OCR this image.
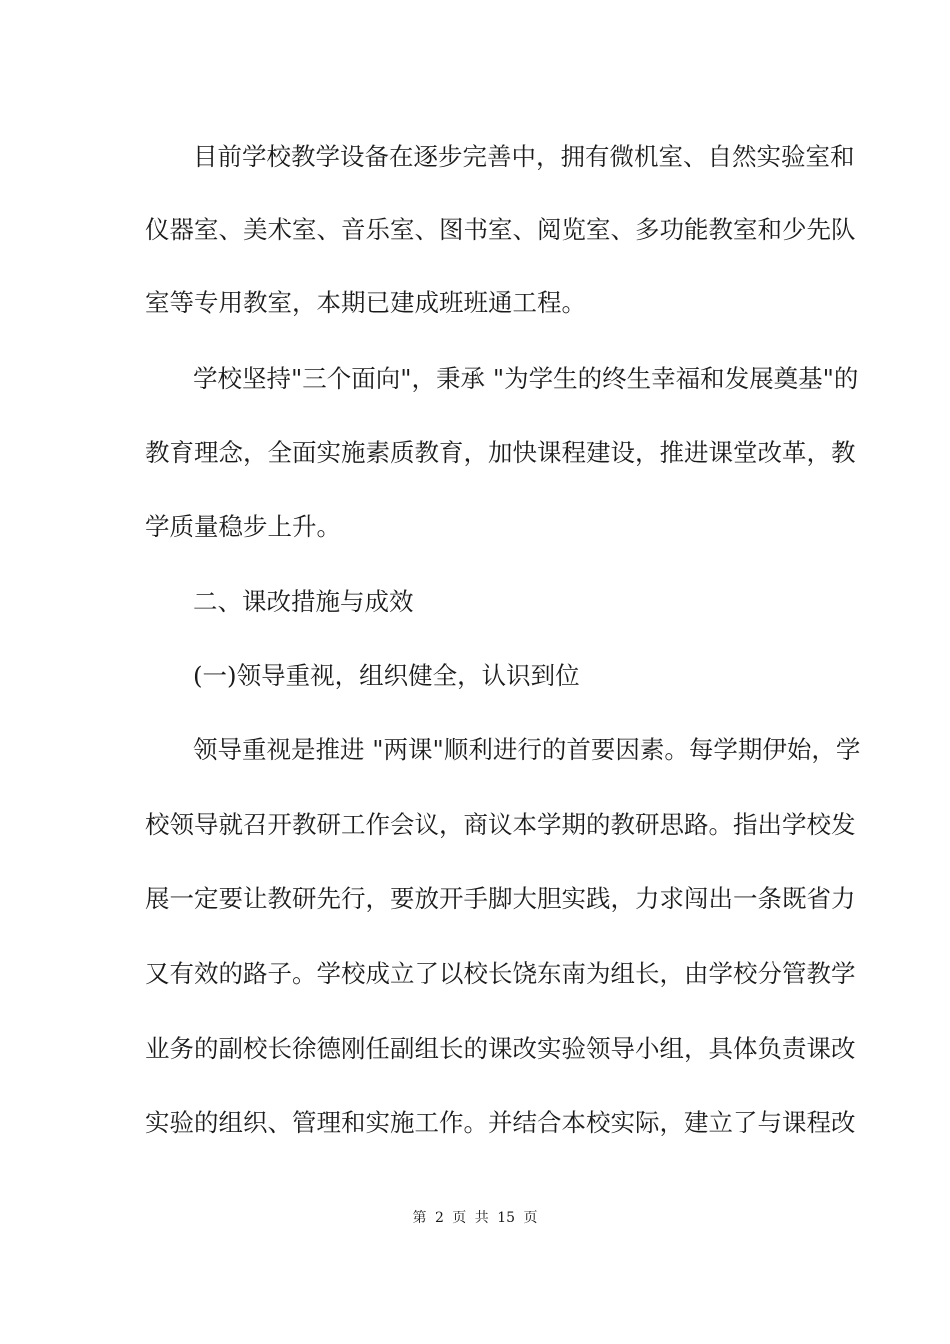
目前学校教学设备在逐步完善中，拥有微机室、自然实验室和
仪器室、美术室、音乐室、图书室、阅览室、多功能教室和少先队
室等专用教室，本期已建成班班通工程。
学校坚持"三个面向"，秉承 "为学生的终生幸福和发展奠基"的
教育理念，全面实施素质教育，加快课程建设，推进课堂改革，教
学质量稳步上升。
二、课改措施与成效
(一)领导重视，组织健全，认识到位
领导重视是推进 "两课"顺利进行的首要因素。每学期伊始，学
校领导就召开教研工作会议，商议本学期的教研思路。指出学校发
展一定要让教研先行，要放开手脚大胆实践，力求闯出一条既省力
又有效的路子。学校成立了以校长饶东南为组长，由学校分管教学
业务的副校长徐德刚任副组长的课改实验领导小组，具体负责课改
实验的组织、管理和实施工作。并结合本校实际，建立了与课程改
第 2 页 共 15 页
